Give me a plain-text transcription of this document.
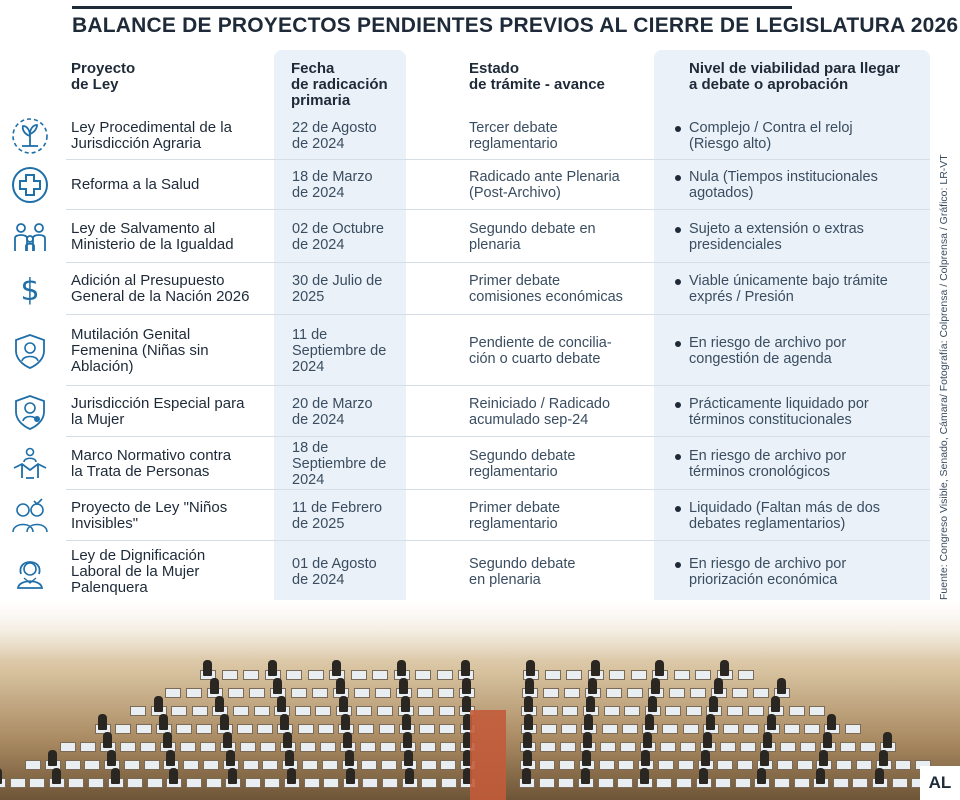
BALANCE DE PROYECTOS PENDIENTES PREVIOS AL CIERRE DE LEGISLATURA 2026
Proyecto
de Ley
Fecha
de radicación
primaria
Estado
de trámite - avance
Nivel de viabilidad para llegar
a debate o aprobación
Ley Procedimental de la
Jurisdicción Agraria
22 de Agosto
de 2024
Tercer debate
reglamentario
Complejo / Contra el reloj
(Riesgo alto)
Reforma a la Salud	18 de Marzo
de 2024
Radicado ante Plenaria
(Post-Archivo)
Nula (Tiempos institucionales
agotados)
Ley de Salvamento al
Ministerio de la Igualdad
02 de Octubre
de 2024
Segundo debate en
plenaria
Sujeto a extensión o extras
presidenciales
$ Adición al Presupuesto
General de la Nación 2026
30 de Julio de
2025
Primer debate
comisiones económicas
Viable únicamente bajo trámite
exprés / Presión
Mutilación Genital
Femenina (Niñas sin
Ablación)
11 de
Septiembre de
2024
Pendiente de concilia-
ción o cuarto debate
En riesgo de archivo por
congestión de agenda
Jurisdicción Especial para
la Mujer
20 de Marzo
de 2024
Reiniciado / Radicado
acumulado sep-24
Prácticamente liquidado por
términos constitucionales
Marco Normativo contra
la Trata de Personas
18 de
Septiembre de
2024
Segundo debate
reglamentario
En riesgo de archivo por
términos cronológicos
Proyecto de Ley "Niños
Invisibles"
11 de Febrero
de 2025
Primer debate
reglamentario
Liquidado (Faltan más de dos
debates reglamentarios)
Ley de Dignificación
Laboral de la Mujer
Palenquera
01 de Agosto
de 2024
Segundo debate
en plenaria
En riesgo de archivo por
priorización económica	Fuente: Congreso Visible, Senado, Cámara/ Fotografía: Colprensa / Colprensa / Gráfico: LR-VT
AL
